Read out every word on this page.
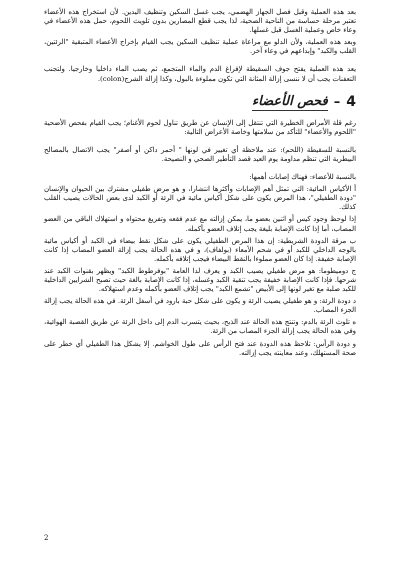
بعد هذه العملية وقبل فصل الجهاز الهضمي، يجب غسل السكين وتنظيف اليدين. لأن استخراج هذه الأعضاء تعتبر مرحلة حساسة من الناحية الصحية، لذا يجب قطع المصارين بدون تلويث اللحوم، حمل هذه الأعضاء في وعاء خاص وعملية الغسل قبل غسلها.

وبعد هذه العملية، ولأن الدلو مع مراعاة عملية تنظيف السكين يجب القيام بإخراج الأعضاء المتبقية "الرئتين، القلب والكبد" وإبداعهم في وعاء آخر.

يعد هذه العملية يفتح جوف السقيطة لإفراغ الدم والماء المتجمع، ثم يصب الماء داخليا وخارجيا. ولتجنب التعفنات يجب أن لا ننسى إزالة المثانة التي تكون مملوءة بالبول، وكذا إزالة الشرج(colon).

4
–
فحص الأعضاء

رغم قلة الأمراض الخطيرة التي تنتقل إلى الإنسان عن طريق تناول لحوم الأغنام؛ يجب القيام بفحص الأضحية "اللحوم والأعضاء" للتأكد من سلامتها وخاصة الأعراض التالية:

بالنسبة للسقيطة (اللحم): عند ملاحظة أي تغيير في لونها " أحمر داكن أو أصفر" يجب الاتصال بالمصالح البيطرية التي تنظم مداومة يوم العيد قصد التأطير الصحي و النصيحة.

بالنسبة للأعضاء: فهناك إصابات أهمها:

أ الأكياس المائية: التي تمثل أهم الإصابات وأكثرها انتشارا، و هو مرض طفيلي مشترك بين الحيوان والإنسان "دودة الطفيلي"، هذا المرض يكون على شكل أكياس مائية في الرئة أو الكبد لدى بعض الحالات يصيب القلب كذلك.

إذا لوحظ وجود كيس أو اثنين بعضو ما، يمكن إزالته مع عدم فقعه وتفريغ محتواه و استهلاك الباقي من العضو المصاب، أما إذا كانت الإصابة بليغة يجب إتلاف العضو بأكمله.

ب مرقة الدودة الشريطية: إن هذا المرض الطفيلي يكون على شكل نقط بيضاء في الكبد أو أكياس مائية بالوجه الداخلي للكبد أو في شحم الأمعاء (بولفاف)، و في هذه الحالة يجب إزالة العضو المصاب إذا كانت الإصابة خفيفة. إذا كان العضو مملوءا بالنقط البيضاء فيجب إتلافه بأكمله.

ج دوميطوما: هو مرض طفيلي يصيب الكبد و يعرف لدا العامة "بوفرطوط الكبد" ويظهر بقنوات الكبد عند شرحها. فإذا كانت الإصابة خفيفة يجب تنقية الكبد وغسله، إذا كانت الإصابة بالغة حيث تصبح الشرايين الداخلية للكبد صلبة مع تغير لونها إلى الأبيض "تشمع الكبد" يجب إتلاف العضو بأكمله وعدم استهلاكه.

د دودة الرئة: و هو طفيلي يصيب الرئة و يكون على شكل حبة بارود في أسفل الرئة. في هذه الحالة يجب إزالة الجزء المصاب.

ه تلوث الرئة بالدم: وتنتج هذه الحالة عند الذبح، بحيث يتسرب الدم إلى داخل الرئة عن طريق القصبة الهوائية، وفي هذه الحالة يجب إزالة الجزء المصاب من الرئة.

و دودة الرأس: تلاحظ هذه الدودة عند فتح الرأس على طول الخواشم. إلا يشكل هذا الطفيلي أي خطر على صحة المستهلك، وعند معاينته يجب إزالته.

2
